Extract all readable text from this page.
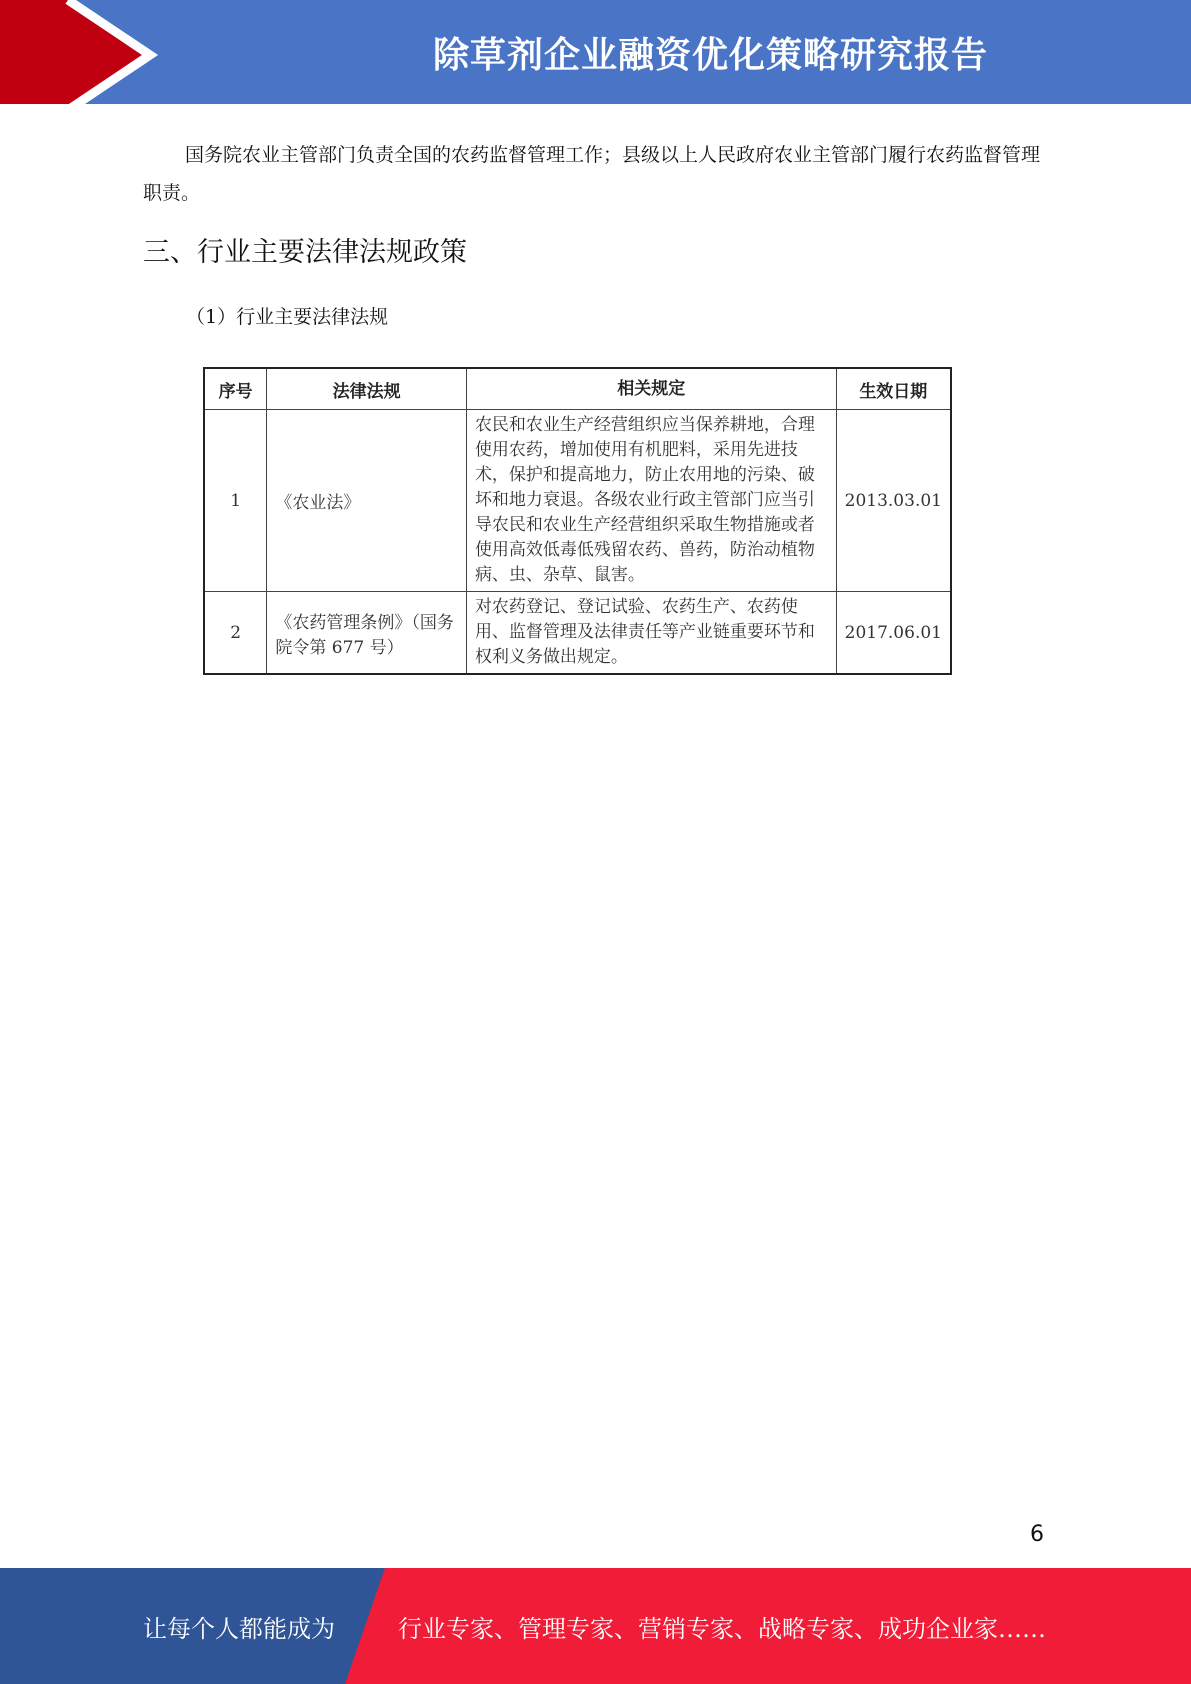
除草剂企业融资优化策略研究报告

国务院农业主管部门负责全国的农药监督管理工作；县级以上人民政府农业主管部门履行农药监督管理职责。

三、行业主要法律法规政策

（1）行业主要法律法规

序号	法律法规	相关规定	生效日期
1	《农业法》	农民和农业生产经营组织应当保养耕地，合理使用农药，增加使用有机肥料，采用先进技术，保护和提高地力，防止农用地的污染、破坏和地力衰退。各级农业行政主管部门应当引导农民和农业生产经营组织采取生物措施或者使用高效低毒低残留农药、兽药，防治动植物病、虫、杂草、鼠害。	2013.03.01
2	《农药管理条例》（国务院令第 677 号）	对农药登记、登记试验、农药生产、农药使用、监督管理及法律责任等产业链重要环节和权利义务做出规定。	2017.06.01
6
让每个人都能成为	行业专家、管理专家、营销专家、战略专家、成功企业家……
